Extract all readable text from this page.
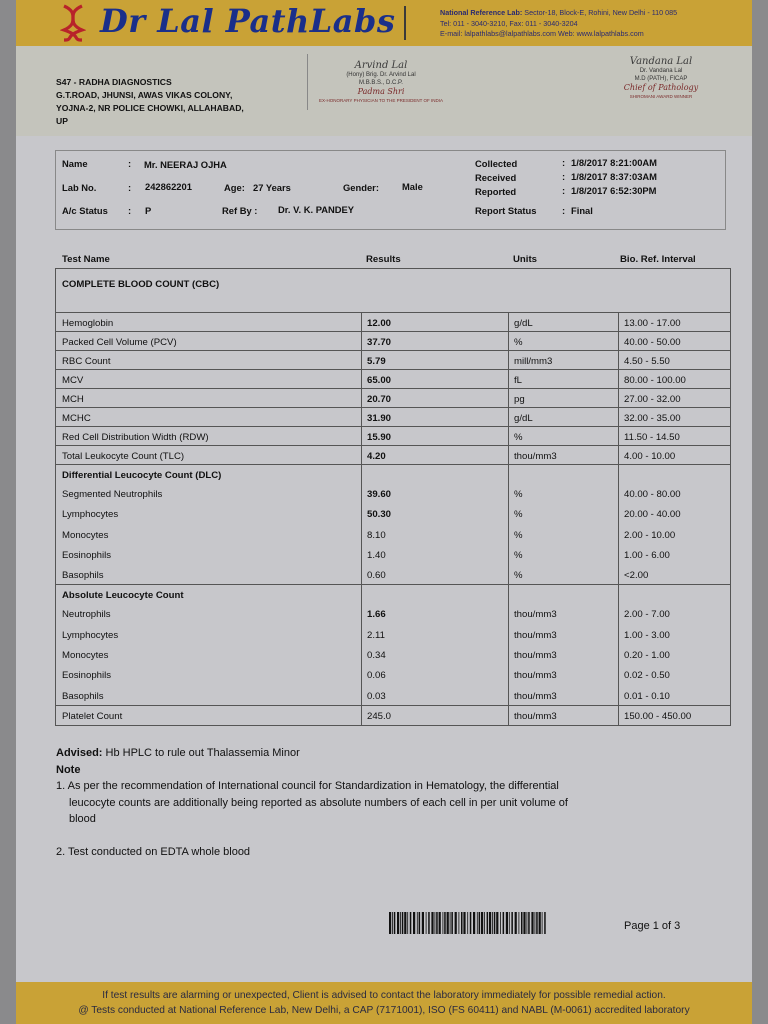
Dr Lal PathLabs	National Reference Lab: Sector-18, Block-E, Rohini, New Delhi - 110 085
Tel: 011 - 3040-3210, Fax: 011 - 3040-3204
E-mail: lalpathlabs@lalpathlabs.com Web: www.lalpathlabs.com
S47 - RADHA DIAGNOSTICS
G.T.ROAD, JHUNSI, AWAS VIKAS COLONY,
YOJNA-2, NR POLICE CHOWKI, ALLAHABAD,
UP
Arvind Lal
(Hony) Brig. Dr. Arvind Lal
M.B.B.S., D.C.P.
Padma Shri
EX-HONORARY PHYSICIAN TO THE PRESIDENT OF INDIA
Vandana Lal
Dr. Vandana Lal
M.D (PATH), FICAP
Chief of Pathology
SHIROMANI AWARD WINNER
Name	: Mr. NEERAJ OJHA
Lab No.	: 242862201	Age: 27 Years	Gender: Male
A/c Status : P	Ref By : Dr. V. K. PANDEY
Collected	: 1/8/2017 8:21:00AM
Received	: 1/8/2017 8:37:03AM
Reported	: 1/8/2017 6:52:30PM
Report Status	: Final
Test Name	Results	Units	Bio. Ref. Interval
COMPLETE BLOOD COUNT (CBC)
Hemoglobin	12.00	g/dL	13.00 - 17.00
Packed Cell Volume (PCV)	37.70	%	40.00 - 50.00
RBC Count	5.79	mill/mm3	4.50 - 5.50
MCV	65.00	fL	80.00 - 100.00
MCH	20.70	pg	27.00 - 32.00
MCHC	31.90	g/dL	32.00 - 35.00
Red Cell Distribution Width (RDW)	15.90	%	11.50 - 14.50
Total Leukocyte Count (TLC)	4.20	thou/mm3	4.00 - 10.00
Differential Leucocyte Count (DLC)
Segmented Neutrophils	39.60	%	40.00 - 80.00
Lymphocytes	50.30	%	20.00 - 40.00
Monocytes	8.10	%	2.00 - 10.00
Eosinophils	1.40	%	1.00 - 6.00
Basophils	0.60	%	<2.00
Absolute Leucocyte Count
Neutrophils	1.66	thou/mm3	2.00 - 7.00
Lymphocytes	2.11	thou/mm3	1.00 - 3.00
Monocytes	0.34	thou/mm3	0.20 - 1.00
Eosinophils	0.06	thou/mm3	0.02 - 0.50
Basophils	0.03	thou/mm3	0.01 - 0.10
Platelet Count	245.0	thou/mm3	150.00 - 450.00
Advised: Hb HPLC to rule out Thalassemia Minor
Note
1. As per the recommendation of International council for Standardization in Hematology, the differential
leucocyte counts are additionally being reported as absolute numbers of each cell in per unit volume of
blood
2. Test conducted on EDTA whole blood
Page 1 of 3

If test results are alarming or unexpected, Client is advised to contact the laboratory immediately for possible remedial action.

@ Tests conducted at National Reference Lab, New Delhi, a CAP (7171001), ISO (FS 60411) and NABL (M-0061) accredited laboratory
